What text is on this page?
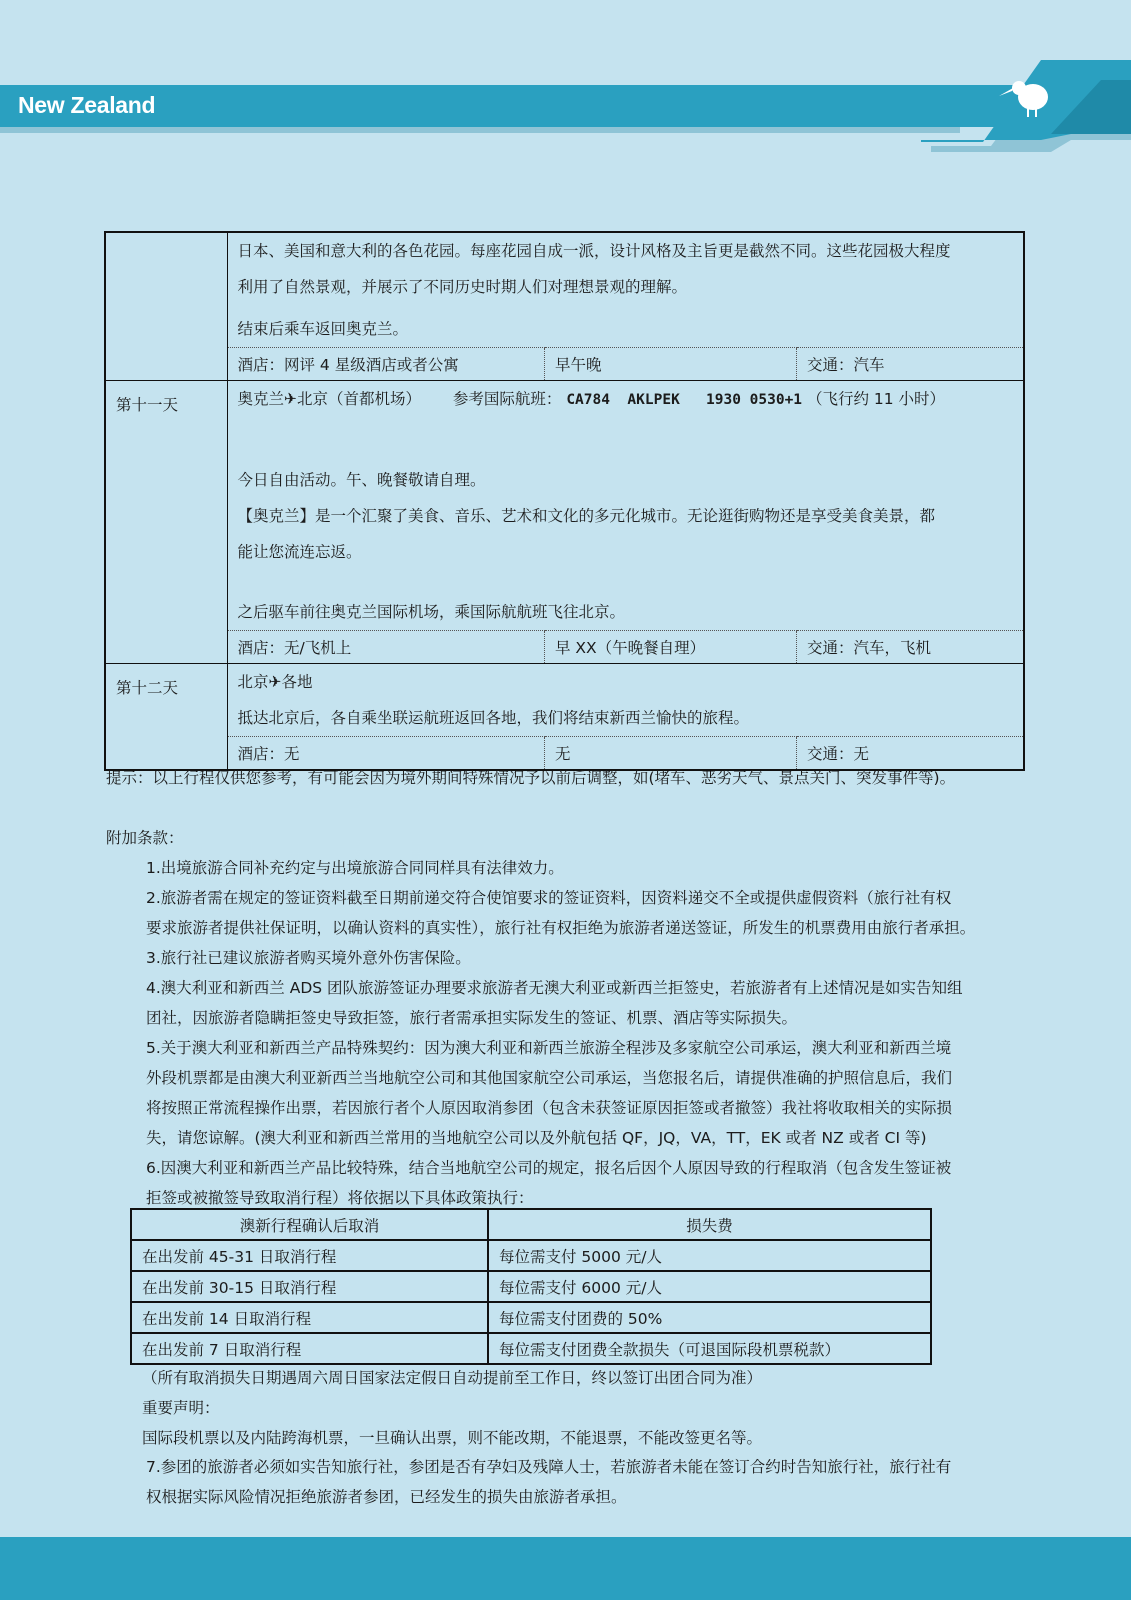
New Zealand

日本、美国和意大利的各色花园。每座花园自成一派，设计风格及主旨更是截然不同。这些花园极大程度
利用了自然景观，并展示了不同历史时期人们对理想景观的理解。
结束后乘车返回奥克兰。
酒店：网评 4 星级酒店或者公寓	早午晚	交通：汽车

第十一天	奥克兰✈北京（首都机场） 参考国际航班： CA784  AKLPEK   1930 0530+1 （飞行约 11 小时）
今日自由活动。午、晚餐敬请自理。
【奥克兰】是一个汇聚了美食、音乐、艺术和文化的多元化城市。无论逛街购物还是享受美食美景，都
能让您流连忘返。
之后驱车前往奥克兰国际机场，乘国际航航班飞往北京。
酒店：无/飞机上	早 XX（午晚餐自理）	交通：汽车，飞机

第十二天	北京✈各地
抵达北京后，各自乘坐联运航班返回各地，我们将结束新西兰愉快的旅程。
酒店：无	无	交通：无
提示：以上行程仅供您参考，有可能会因为境外期间特殊情况予以前后调整，如(堵车、恶劣天气、景点关门、突发事件等)。
附加条款：
1.出境旅游合同补充约定与出境旅游合同同样具有法律效力。
2.旅游者需在规定的签证资料截至日期前递交符合使馆要求的签证资料，因资料递交不全或提供虚假资料（旅行社有权
要求旅游者提供社保证明，以确认资料的真实性），旅行社有权拒绝为旅游者递送签证，所发生的机票费用由旅行者承担。
3.旅行社已建议旅游者购买境外意外伤害保险。
4.澳大利亚和新西兰 ADS 团队旅游签证办理要求旅游者无澳大利亚或新西兰拒签史，若旅游者有上述情况是如实告知组
团社，因旅游者隐瞒拒签史导致拒签，旅行者需承担实际发生的签证、机票、酒店等实际损失。
5.关于澳大利亚和新西兰产品特殊契约：因为澳大利亚和新西兰旅游全程涉及多家航空公司承运，澳大利亚和新西兰境
外段机票都是由澳大利亚新西兰当地航空公司和其他国家航空公司承运，当您报名后，请提供准确的护照信息后，我们
将按照正常流程操作出票，若因旅行者个人原因取消参团（包含未获签证原因拒签或者撤签）我社将收取相关的实际损
失，请您谅解。(澳大利亚和新西兰常用的当地航空公司以及外航包括 QF，JQ，VA，TT，EK 或者 NZ 或者 CI 等)
6.因澳大利亚和新西兰产品比较特殊，结合当地航空公司的规定，报名后因个人原因导致的行程取消（包含发生签证被
拒签或被撤签导致取消行程）将依据以下具体政策执行：
澳新行程确认后取消	损失费
在出发前 45-31 日取消行程	每位需支付 5000 元/人
在出发前 30-15 日取消行程	每位需支付 6000 元/人
在出发前 14 日取消行程	每位需支付团费的 50%
在出发前 7 日取消行程	每位需支付团费全款损失（可退国际段机票税款）
（所有取消损失日期遇周六周日国家法定假日自动提前至工作日，终以签订出团合同为准）
重要声明：
国际段机票以及内陆跨海机票，一旦确认出票，则不能改期，不能退票，不能改签更名等。
7.参团的旅游者必须如实告知旅行社，参团是否有孕妇及残障人士，若旅游者未能在签订合约时告知旅行社，旅行社有
权根据实际风险情况拒绝旅游者参团，已经发生的损失由旅游者承担。
